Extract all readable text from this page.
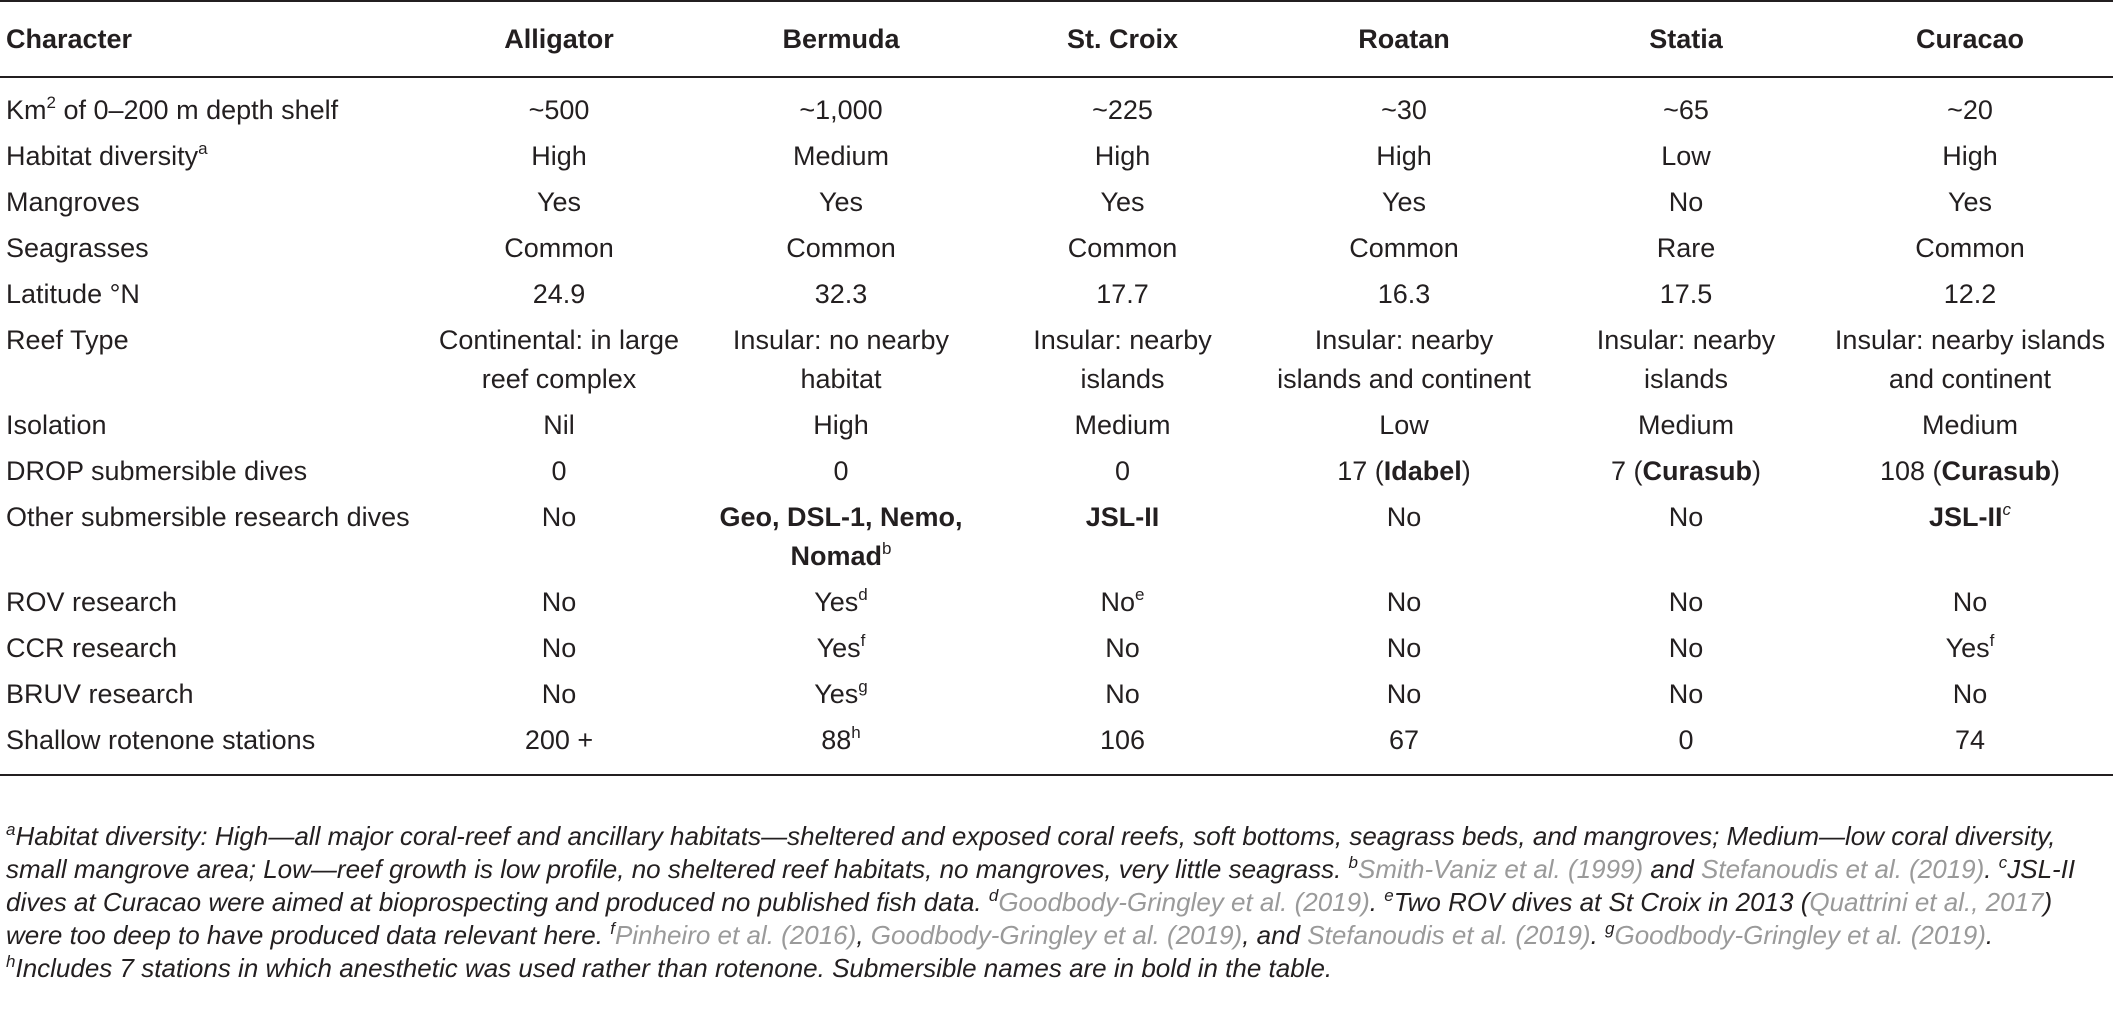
Character	Alligator	Bermuda	St. Croix	Roatan	Statia	Curacao
Km$^2$ of 0–200 m depth shelf	~500	~1,000	~225	~30	~65	~20
Habitat diversity$^a$	High	Medium	High	High	Low	High
Mangroves	Yes	Yes	Yes	Yes	No	Yes
Seagrasses	Common	Common	Common	Common	Rare	Common
Latitude °N	24.9	32.3	17.7	16.3	17.5	12.2
Reef Type	Continental: in large reef complex	Insular: no nearby habitat	Insular: nearby islands	Insular: nearby islands and continent	Insular: nearby islands	Insular: nearby islands and continent
Isolation	Nil	High	Medium	Low	Medium	Medium
DROP submersible dives	0	0	0	17 (Idabel)	7 (Curasub)	108 (Curasub)
Other submersible research dives	No	Geo, DSL-1, Nemo, Nomad$^b$	JSL-II	No	No	JSL-$II^c$
ROV research	No	Yes$^d$	No$^e$	No	No	No
CCR research	No	Yes$^f$	No	No	No	Yes$^f$
BRUV research	No	Yes$^g$	No	No	No	No
Shallow rotenone stations	200 +	$88^h$	106	67	0	74
$^a$Habitat diversity: High—all major coral-reef and ancillary habitats—sheltered and exposed coral reefs, soft bottoms, seagrass beds, and mangroves; Medium—low coral diversity, small mangrove area; Low—reef growth is low profile, no sheltered reef habitats, no mangroves, very little seagrass. $^b$Smith-Vaniz et al. (1999) and Stefanoudis et al. (2019). $^c$JSL-II dives at Curacao were aimed at bioprospecting and produced no published fish data. $^d$Goodbody-Gringley et al. (2019). $^e$Two ROV dives at St Croix in 2013 (Quattrini et al., 2017) were too deep to have produced data relevant here. $^f$Pinheiro et al. (2016), Goodbody-Gringley et al. (2019), and Stefanoudis et al. (2019). $^g$Goodbody-Gringley et al. (2019). $^h$Includes 7 stations in which anesthetic was used rather than rotenone. Submersible names are in bold in the table.
